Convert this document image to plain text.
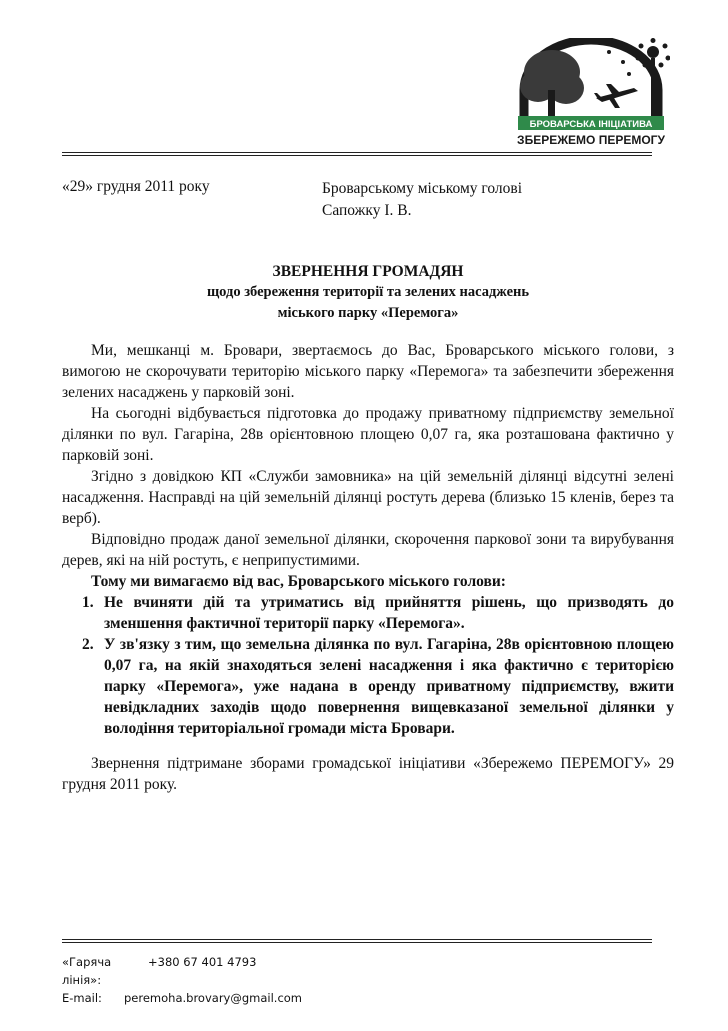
БРОВАРСЬКА ІНІЦІАТИВА
ЗБЕРЕЖЕМО ПЕРЕМОГУ
«29» грудня 2011 року	Броварському міському голові
Сапожку І. В.
ЗВЕРНЕННЯ ГРОМАДЯН
щодо збереження території та зелених насаджень
міського парку «Перемога»

Ми, мешканці м. Бровари, звертаємось до Вас, Броварського міського голови, з вимогою не скорочувати територію міського парку «Перемога» та забезпечити збереження зелених насаджень у парковій зоні.

На сьогодні відбувається підготовка до продажу приватному підприємству земельної ділянки по вул. Гагаріна, 28в орієнтовною площею 0,07 га, яка розташована фактично у парковій зоні.

Згідно з довідкою КП «Служби замовника» на цій земельній ділянці відсутні зелені насадження. Насправді на цій земельній ділянці ростуть дерева (близько 15 кленів, берез та верб).

Відповідно продаж даної земельної ділянки, скорочення паркової зони та вирубування дерев, які на ній ростуть, є неприпустимими.

Тому ми вимагаємо від вас, Броварського міського голови:

1. Не вчиняти дій та утриматись від прийняття рішень, що призводять до зменшення фактичної території парку «Перемога».
2. У зв'язку з тим, що земельна ділянка по вул. Гагаріна, 28в орієнтовною площею 0,07 га, на якій знаходяться зелені насадження і яка фактично є територією парку «Перемога», уже надана в оренду приватному підприємству, вжити невідкладних заходів щодо повернення вищевказаної земельної ділянки у володіння територіальної громади міста Бровари.

Звернення підтримане зборами громадської ініціативи «Збережемо ПЕРЕМОГУ» 29 грудня 2011 року.

«Гаряча лінія»:
+380 67 401 4793
E-mail:	peremoha.brovary@gmail.com
